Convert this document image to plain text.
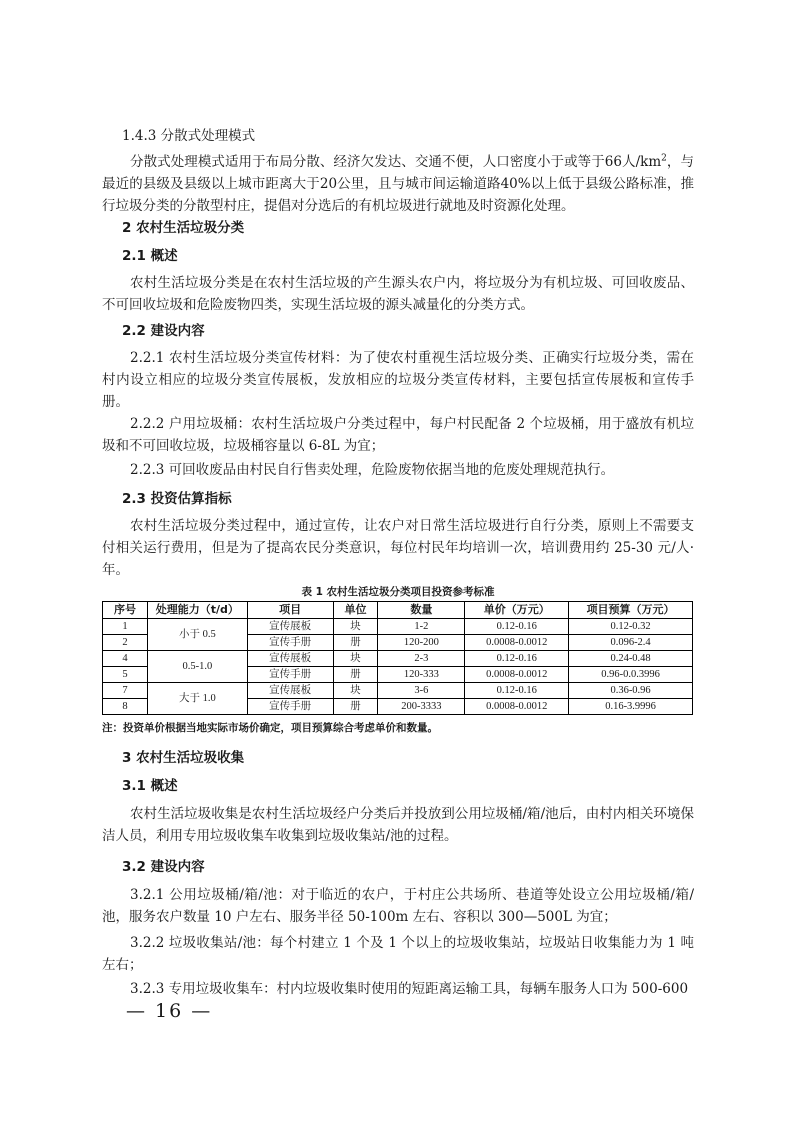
1.4.3 分散式处理模式
分散式处理模式适用于布局分散、经济欠发达、交通不便，人口密度小于或等于66人$/km^2$，与最近的县级及县级以上城市距离大于20公里，且与城市间运输道路40%以上低于县级公路标准，推行垃圾分类的分散型村庄，提倡对分选后的有机垃圾进行就地及时资源化处理。
2 农村生活垃圾分类
2.1 概述
农村生活垃圾分类是在农村生活垃圾的产生源头农户内，将垃圾分为有机垃圾、可回收废品、不可回收垃圾和危险废物四类，实现生活垃圾的源头减量化的分类方式。
2.2 建设内容
2.2.1 农村生活垃圾分类宣传材料：为了使农村重视生活垃圾分类、正确实行垃圾分类，需在村内设立相应的垃圾分类宣传展板，发放相应的垃圾分类宣传材料，主要包括宣传展板和宣传手册。
2.2.2 户用垃圾桶：农村生活垃圾户分类过程中，每户村民配备 2 个垃圾桶，用于盛放有机垃圾和不可回收垃圾，垃圾桶容量以 6-8L 为宜；
2.2.3 可回收废品由村民自行售卖处理，危险废物依据当地的危废处理规范执行。
2.3 投资估算指标
农村生活垃圾分类过程中，通过宣传，让农户对日常生活垃圾进行自行分类，原则上不需要支付相关运行费用，但是为了提高农民分类意识，每位村民年均培训一次，培训费用约 25-30 元/人·年。
表 1 农村生活垃圾分类项目投资参考标准
序号	处理能力（t/d）	项目	单位	数量	单价（万元）	项目预算（万元）
1	小于 0.5	宣传展板	块	1-2	0.12-0.16	0.12-0.32
2		宣传手册	册	120-200	0.0008-0.0012	0.096-2.4
4	0.5-1.0	宣传展板	块	2-3	0.12-0.16	0.24-0.48
5		宣传手册	册	120-333	0.0008-0.0012	0.96-0.0.3996
7	大于 1.0	宣传展板	块	3-6	0.12-0.16	0.36-0.96
8		宣传手册	册	200-3333	0.0008-0.0012	0.16-3.9996
注：投资单价根据当地实际市场价确定，项目预算综合考虑单价和数量。
3 农村生活垃圾收集
3.1 概述
农村生活垃圾收集是农村生活垃圾经户分类后并投放到公用垃圾桶/箱/池后，由村内相关环境保洁人员，利用专用垃圾收集车收集到垃圾收集站/池的过程。
3.2 建设内容
3.2.1 公用垃圾桶/箱/池：对于临近的农户，于村庄公共场所、巷道等处设立公用垃圾桶/箱/池，服务农户数量 10 户左右、服务半径 50-100m 左右、容积以 300—500L 为宜；
3.2.2 垃圾收集站/池：每个村建立 1 个及 1 个以上的垃圾收集站，垃圾站日收集能力为 1 吨左右；
3.2.3 专用垃圾收集车：村内垃圾收集时使用的短距离运输工具，每辆车服务人口为 500-600
— 16 —
